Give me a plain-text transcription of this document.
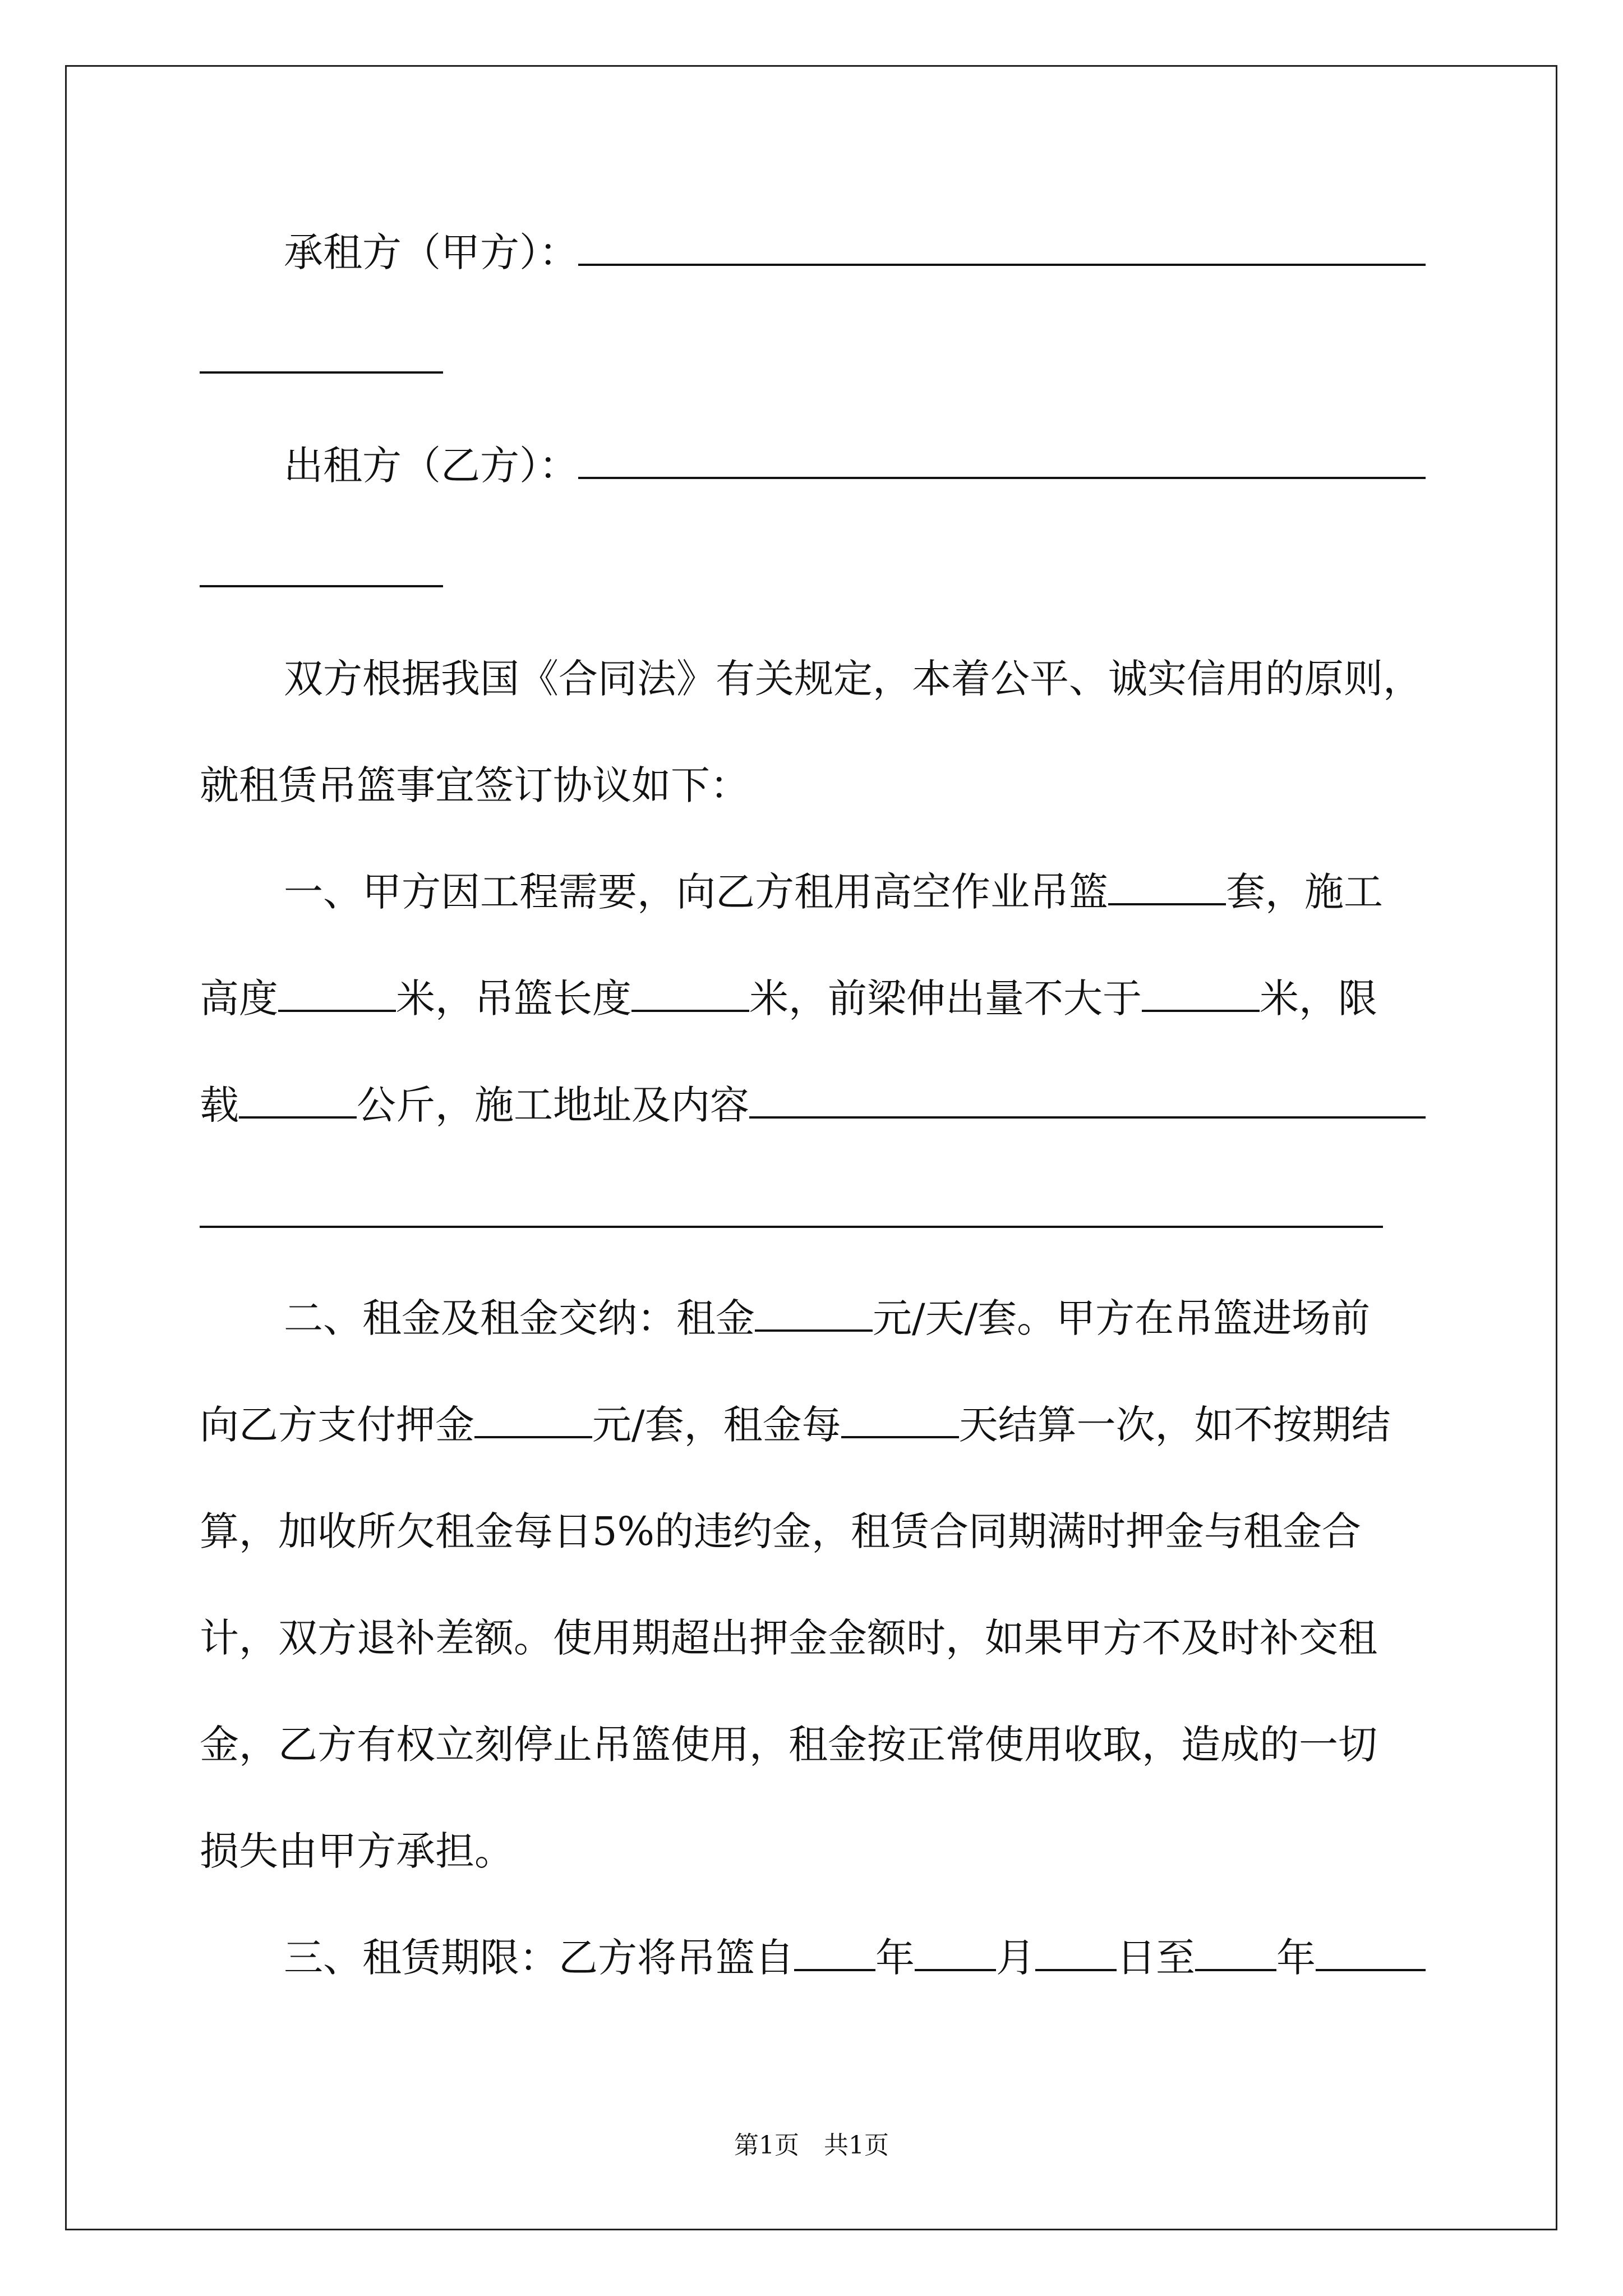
承租方（甲方）：
出租方（乙方）：
双方根据我国《合同法》有关规定，本着公平、诚实信用的原则，
就租赁吊篮事宜签订协议如下：
一、甲方因工程需要，向乙方租用高空作业吊篮	套，施工
高度	米，吊篮长度	米，前梁伸出量不大于	米，限
载	公斤，施工地址及内容
二、租金及租金交纳：租金	元/天/套。甲方在吊篮进场前
向乙方支付押金	元/套，租金每	天结算一次，如不按期结
算，加收所欠租金每日5%的违约金，租赁合同期满时押金与租金合
计，双方退补差额。使用期超出押金金额时，如果甲方不及时补交租
金，乙方有权立刻停止吊篮使用，租金按正常使用收取，造成的一切
损失由甲方承担。
三、租赁期限：乙方将吊篮自 年 月 日至 年
第1页　共1页
